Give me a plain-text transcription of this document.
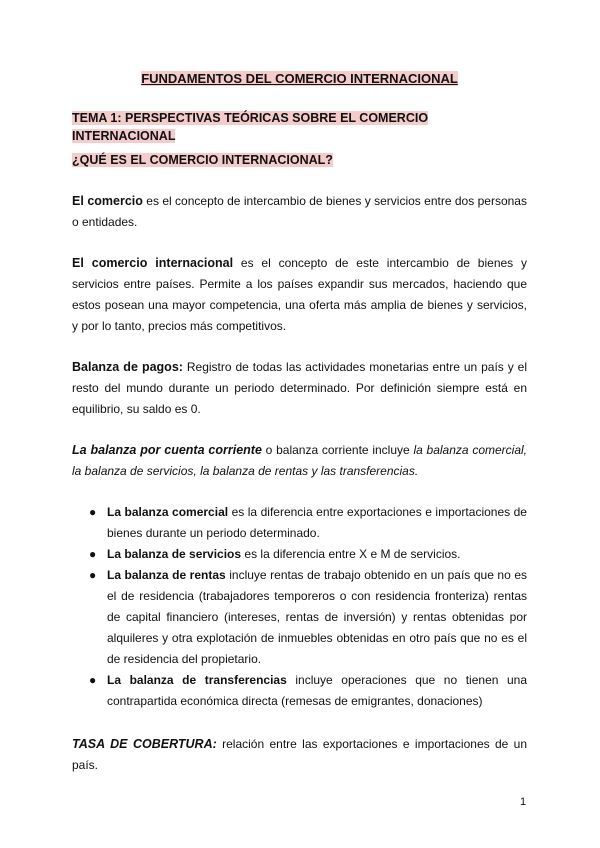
FUNDAMENTOS DEL COMERCIO INTERNACIONAL
TEMA 1: PERSPECTIVAS TEÓRICAS SOBRE EL COMERCIO INTERNACIONAL
¿QUÉ ES EL COMERCIO INTERNACIONAL?

El comercio es el concepto de intercambio de bienes y servicios entre dos personas o entidades.

El comercio internacional es el concepto de este intercambio de bienes y servicios entre países. Permite a los países expandir sus mercados, haciendo que estos posean una mayor competencia, una oferta más amplia de bienes y servicios, y por lo tanto, precios más competitivos.

Balanza de pagos: Registro de todas las actividades monetarias entre un país y el resto del mundo durante un periodo determinado. Por definición siempre está en equilibrio, su saldo es 0.

La balanza por cuenta corriente o balanza corriente incluye la balanza comercial, la balanza de servicios, la balanza de rentas y las transferencias.

● La balanza comercial es la diferencia entre exportaciones e importaciones de bienes durante un periodo determinado.
● La balanza de servicios es la diferencia entre X e M de servicios.
● La balanza de rentas incluye rentas de trabajo obtenido en un país que no es el de residencia (trabajadores temporeros o con residencia fronteriza) rentas de capital financiero (intereses, rentas de inversión) y rentas obtenidas por alquileres y otra explotación de inmuebles obtenidas en otro país que no es el de residencia del propietario.
● La balanza de transferencias incluye operaciones que no tienen una contrapartida económica directa (remesas de emigrantes, donaciones)

TASA DE COBERTURA: relación entre las exportaciones e importaciones de un país.

1
